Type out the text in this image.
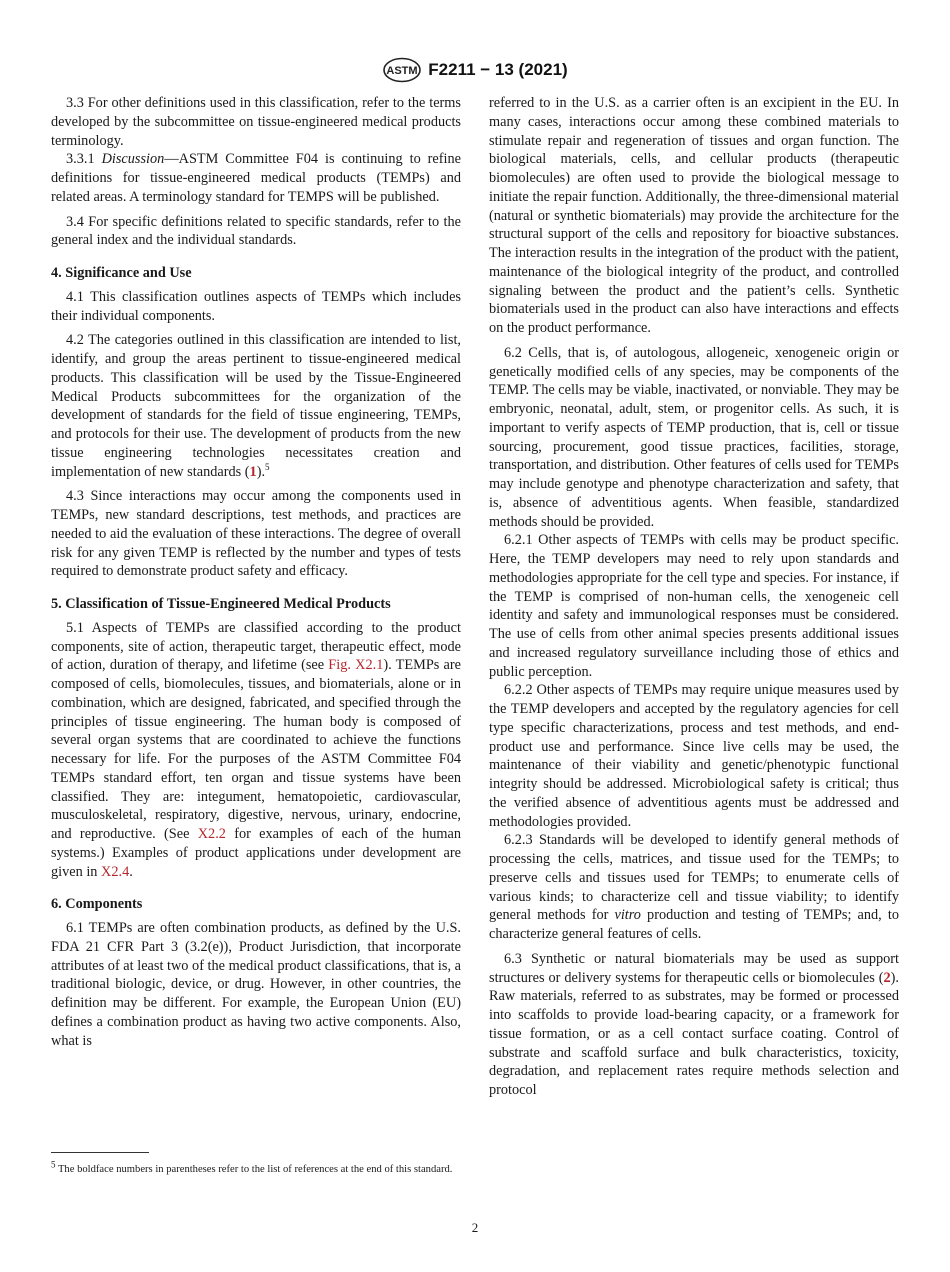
ASTM F2211 − 13 (2021)

3.3 For other definitions used in this classification, refer to the terms developed by the subcommittee on tissue-engineered medical products terminology.

3.3.1 Discussion—ASTM Committee F04 is continuing to refine definitions for tissue-engineered medical products (TEMPs) and related areas. A terminology standard for TEMPS will be published.

3.4 For specific definitions related to specific standards, refer to the general index and the individual standards.

4. Significance and Use

4.1 This classification outlines aspects of TEMPs which includes their individual components.

4.2 The categories outlined in this classification are intended to list, identify, and group the areas pertinent to tissue-engineered medical products. This classification will be used by the Tissue-Engineered Medical Products subcommittees for the organization of the development of standards for the field of tissue engineering, TEMPs, and protocols for their use. The development of products from the new tissue engineering technologies necessitates creation and implementation of new standards (1).$^5$

4.3 Since interactions may occur among the components used in TEMPs, new standard descriptions, test methods, and practices are needed to aid the evaluation of these interactions. The degree of overall risk for any given TEMP is reflected by the number and types of tests required to demonstrate product safety and efficacy.

5. Classification of Tissue-Engineered Medical Products

5.1 Aspects of TEMPs are classified according to the product components, site of action, therapeutic target, therapeutic effect, mode of action, duration of therapy, and lifetime (see Fig. X2.1). TEMPs are composed of cells, biomolecules, tissues, and biomaterials, alone or in combination, which are designed, fabricated, and specified through the principles of tissue engineering. The human body is composed of several organ systems that are coordinated to achieve the functions necessary for life. For the purposes of the ASTM Committee F04 TEMPs standard effort, ten organ and tissue systems have been classified. They are: integument, hematopoietic, cardiovascular, musculoskeletal, respiratory, digestive, nervous, urinary, endocrine, and reproductive. (See X2.2 for examples of each of the human systems.) Examples of product applications under development are given in X2.4.

6. Components

6.1 TEMPs are often combination products, as defined by the U.S. FDA 21 CFR Part 3 (3.2(e)), Product Jurisdiction, that incorporate attributes of at least two of the medical product classifications, that is, a traditional biologic, device, or drug. However, in other countries, the definition may be different. For example, the European Union (EU) defines a combination product as having two active components. Also, what is

referred to in the U.S. as a carrier often is an excipient in the EU. In many cases, interactions occur among these combined materials to stimulate repair and regeneration of tissues and organ function. The biological materials, cells, and cellular products (therapeutic biomolecules) are often used to provide the biological message to initiate the repair function. Additionally, the three-dimensional material (natural or synthetic biomaterials) may provide the architecture for the structural support of the cells and repository for bioactive substances. The interaction results in the integration of the product with the patient, maintenance of the biological integrity of the product, and controlled signaling between the product and the patient’s cells. Synthetic biomaterials used in the product can also have interactions and effects on the product performance.

6.2 Cells, that is, of autologous, allogeneic, xenogeneic origin or genetically modified cells of any species, may be components of the TEMP. The cells may be viable, inactivated, or nonviable. They may be embryonic, neonatal, adult, stem, or progenitor cells. As such, it is important to verify aspects of TEMP production, that is, cell or tissue sourcing, procurement, good tissue practices, facilities, storage, transportation, and distribution. Other features of cells used for TEMPs may include genotype and phenotype characterization and safety, that is, absence of adventitious agents. When feasible, standardized methods should be provided.

6.2.1 Other aspects of TEMPs with cells may be product specific. Here, the TEMP developers may need to rely upon standards and methodologies appropriate for the cell type and species. For instance, if the TEMP is comprised of non-human cells, the xenogeneic cell identity and safety and immunological responses must be considered. The use of cells from other animal species presents additional issues and increased regulatory surveillance including those of ethics and public perception.

6.2.2 Other aspects of TEMPs may require unique measures used by the TEMP developers and accepted by the regulatory agencies for cell type specific characterizations, process and test methods, and end-product use and performance. Since live cells may be used, the maintenance of their viability and genetic/phenotypic functional integrity should be addressed. Microbiological safety is critical; thus the verified absence of adventitious agents must be addressed and methodologies provided.

6.2.3 Standards will be developed to identify general methods of processing the cells, matrices, and tissue used for the TEMPs; to preserve cells and tissues used for TEMPs; to enumerate cells of various kinds; to characterize cell and tissue viability; to identify general methods for vitro production and testing of TEMPs; and, to characterize general features of cells.

6.3 Synthetic or natural biomaterials may be used as support structures or delivery systems for therapeutic cells or biomolecules (2). Raw materials, referred to as substrates, may be formed or processed into scaffolds to provide load-bearing capacity, or a framework for tissue formation, or as a cell contact surface coating. Control of substrate and scaffold surface and bulk characteristics, toxicity, degradation, and replacement rates require methods selection and protocol

$^5$ The boldface numbers in parentheses refer to the list of references at the end of this standard.
2
